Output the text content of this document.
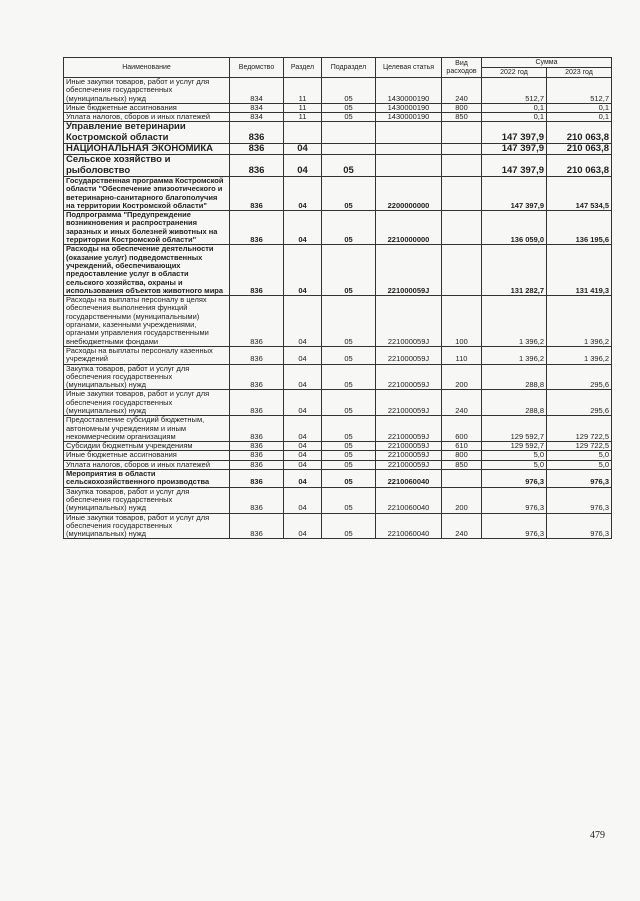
Наименование	Ведомство	Раздел	Подраздел	Целевая статья	Вид расходов	Сумма	
						2022 год	2023 год
Иные закупки товаров, работ и услуг для обеспечения государственных (муниципальных) нужд	834	11	05	1430000190	240	512,7	512,7
Иные бюджетные ассигнования	834	11	05	1430000190	800	0,1	0,1
Уплата налогов, сборов и иных платежей	834	11	05	1430000190	850	0,1	0,1
Управление ветеринарии Костромской области	836					147 397,9	210 063,8
НАЦИОНАЛЬНАЯ ЭКОНОМИКА	836	04				147 397,9	210 063,8
Сельское хозяйство и рыболовство	836	04	05			147 397,9	210 063,8
Государственная программа Костромской области "Обеспечение эпизоотического и ветеринарно-санитарного благополучия на территории Костромской области"	836	04	05	2200000000		147 397,9	147 534,5
Подпрограмма "Предупреждение возникновения и распространения заразных и иных болезней животных на территории Костромской области"	836	04	05	2210000000		136 059,0	136 195,6
Расходы на обеспечение деятельности (оказание услуг) подведомственных учреждений, обеспечивающих предоставление услуг в области сельского хозяйства, охраны и использования объектов животного мира	836	04	05	221000059J		131 282,7	131 419,3
Расходы на выплаты персоналу в целях обеспечения выполнения функций государственными (муниципальными) органами, казенными учреждениями, органами управления государственными внебюджетными фондами	836	04	05	221000059J	100	1 396,2	1 396,2
Расходы на выплаты персоналу казенных учреждений	836	04	05	221000059J	110	1 396,2	1 396,2
Закупка товаров, работ и услуг для обеспечения государственных (муниципальных) нужд	836	04	05	221000059J	200	288,8	295,6
Иные закупки товаров, работ и услуг для обеспечения государственных (муниципальных) нужд	836	04	05	221000059J	240	288,8	295,6
Предоставление субсидий бюджетным, автономным учреждениям и иным некоммерческим организациям	836	04	05	221000059J	600	129 592,7	129 722,5
Субсидии бюджетным учреждениям	836	04	05	221000059J	610	129 592,7	129 722,5
Иные бюджетные ассигнования	836	04	05	221000059J	800	5,0	5,0
Уплата налогов, сборов и иных платежей	836	04	05	221000059J	850	5,0	5,0
Мероприятия в области сельскохозяйственного производства	836	04	05	2210060040		976,3	976,3
Закупка товаров, работ и услуг для обеспечения государственных (муниципальных) нужд	836	04	05	2210060040	200	976,3	976,3
Иные закупки товаров, работ и услуг для обеспечения государственных (муниципальных) нужд	836	04	05	2210060040	240	976,3	976,3
479
